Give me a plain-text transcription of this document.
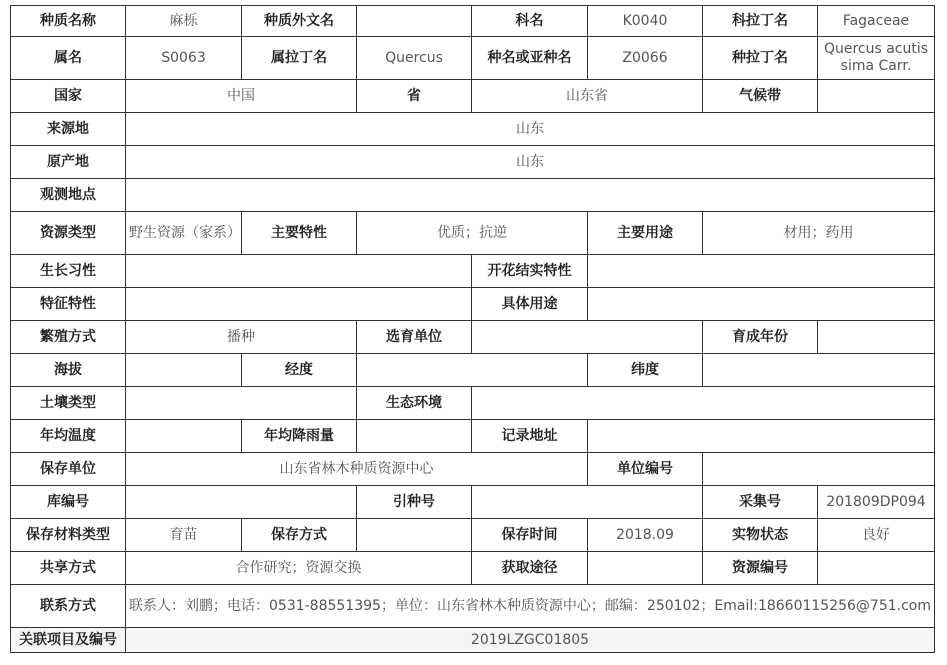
种质名称	麻栎	种质外文名		科名	K0040	科拉丁名	Fagaceae
属名	S0063	属拉丁名	Quercus	种名或亚种名	Z0066	种拉丁名	Quercus acutissima Carr.
国家	中国		省	山东省		气候带	
来源地	山东						
原产地	山东						
观测地点							
资源类型	野生资源（家系）	主要特性	优质；抗逆		主要用途	材用；药用	
生长习性				开花结实特性			
特征特性				具体用途			
繁殖方式	播种		选育单位			育成年份	
海拔		经度			纬度		
土壤类型			生态环境				
年均温度		年均降雨量		记录地址			
保存单位	山东省林木种质资源中心				单位编号		
库编号			引种号			采集号	201809DP094
保存材料类型	育苗	保存方式		保存时间	2018.09	实物状态	良好
共享方式	合作研究；资源交换			获取途径		资源编号	
联系方式	联系人：刘鹏；电话：0531-88551395；单位：山东省林木种质资源中心；邮编：250102；Email:18660115256@751.com						
关联项目及编号	2019LZGC01805						
